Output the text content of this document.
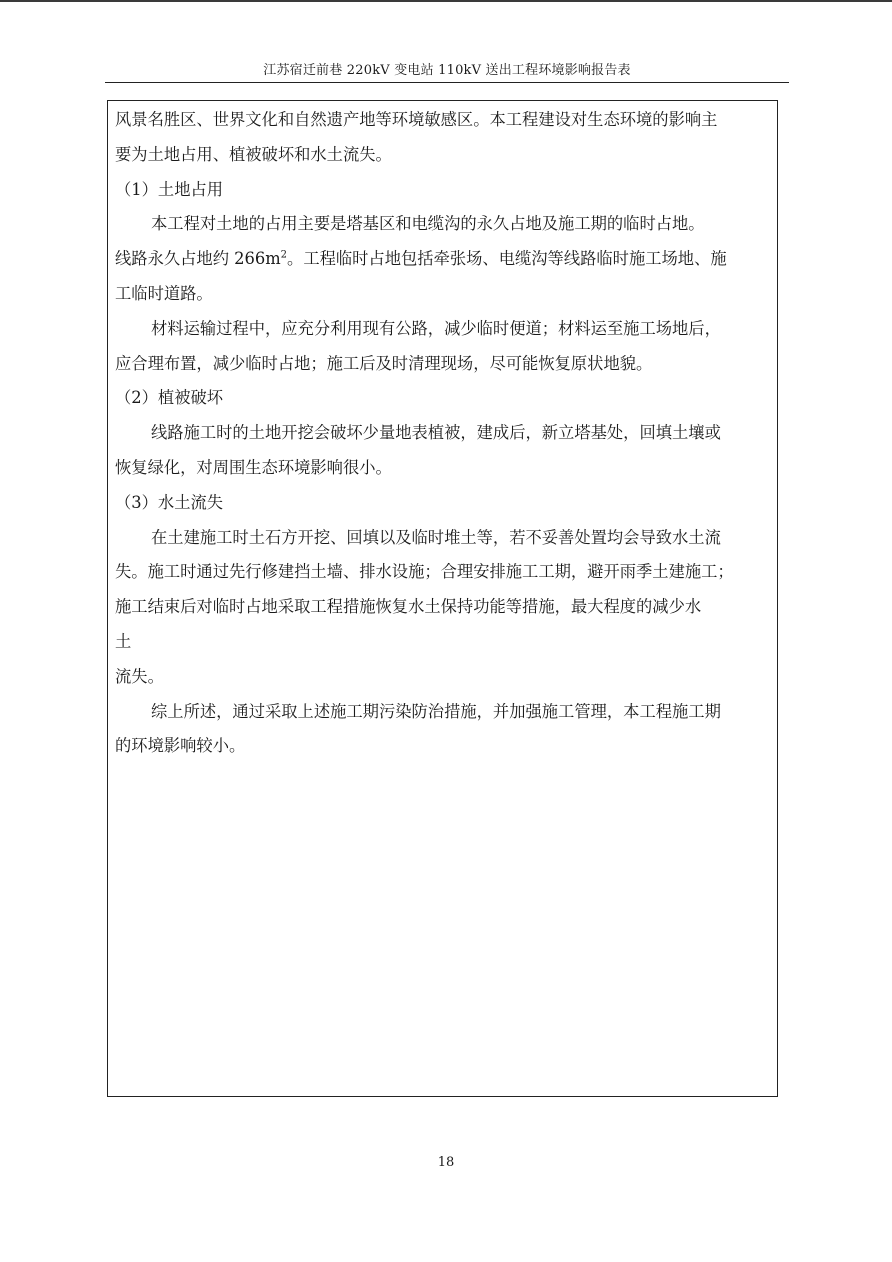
江苏宿迁前巷 220kV 变电站 110kV 送出工程环境影响报告表
风景名胜区、世界文化和自然遗产地等环境敏感区。本工程建设对生态环境的影响主
要为土地占用、植被破坏和水土流失。
（1）土地占用
本工程对土地的占用主要是塔基区和电缆沟的永久占地及施工期的临时占地。
线路永久占地约 $266m^2$。工程临时占地包括牵张场、电缆沟等线路临时施工场地、施
工临时道路。
材料运输过程中，应充分利用现有公路，减少临时便道；材料运至施工场地后，
应合理布置，减少临时占地；施工后及时清理现场，尽可能恢复原状地貌。
（2）植被破坏
线路施工时的土地开挖会破坏少量地表植被，建成后，新立塔基处，回填土壤或
恢复绿化，对周围生态环境影响很小。
（3）水土流失
在土建施工时土石方开挖、回填以及临时堆土等，若不妥善处置均会导致水土流
失。施工时通过先行修建挡土墙、排水设施；合理安排施工工期，避开雨季土建施工；
施工结束后对临时占地采取工程措施恢复水土保持功能等措施，最大程度的减少水
土
流失。
综上所述，通过采取上述施工期污染防治措施，并加强施工管理，本工程施工期
的环境影响较小。
18
